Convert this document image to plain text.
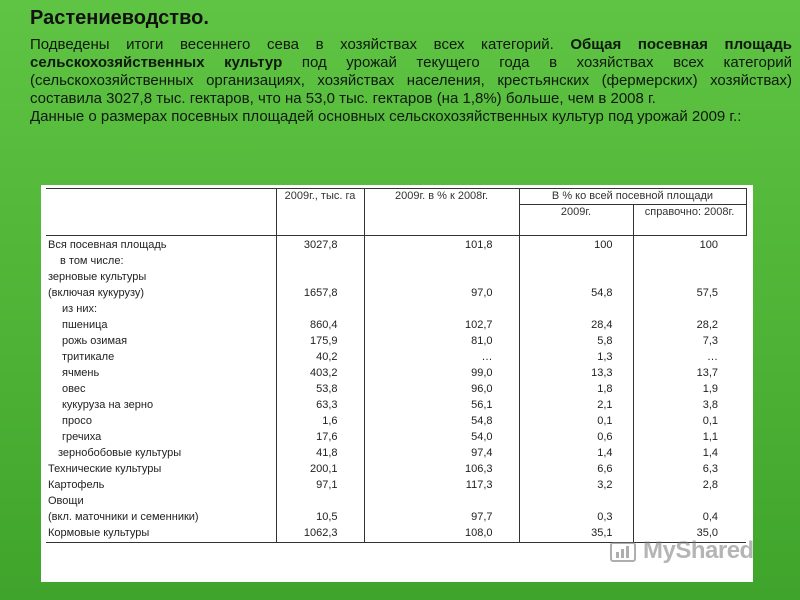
Растениеводство.

Подведены итоги весеннего сева в хозяйствах всех категорий. Общая посевная площадь сельскохозяйственных культур под урожай текущего года в хозяйствах всех категорий (сельскохозяйственных организациях, хозяйствах населения, крестьянских (фермерских) хозяйствах) составила 3027,8 тыс. гектаров, что на 53,0 тыс. гектаров (на 1,8%) больше, чем в 2008 г.

Данные о размерах посевных площадей основных сельскохозяйственных культур под урожай 2009 г.:

	2009г., тыс. га	2009г. в % к 2008г.	В % ко всей посевной площади	
			2009г.	справочно: 2008г.
Вся посевная площадь	3027,8	101,8	100	100
в том числе:				
зерновые культуры				
(включая кукурузу)	1657,8	97,0	54,8	57,5
из них:				
пшеница	860,4	102,7	28,4	28,2
рожь озимая	175,9	81,0	5,8	7,3
тритикале	40,2	…	1,3	…
ячмень	403,2	99,0	13,3	13,7
овес	53,8	96,0	1,8	1,9
кукуруза на зерно	63,3	56,1	2,1	3,8
просо	1,6	54,8	0,1	0,1
гречиха	17,6	54,0	0,6	1,1
зернобобовые культуры	41,8	97,4	1,4	1,4
Технические культуры	200,1	106,3	6,6	6,3
Картофель	97,1	117,3	3,2	2,8
Овощи				
(вкл. маточники и семенники)	10,5	97,7	0,3	0,4
Кормовые культуры	1062,3	108,0	35,1	35,0
MyShared
